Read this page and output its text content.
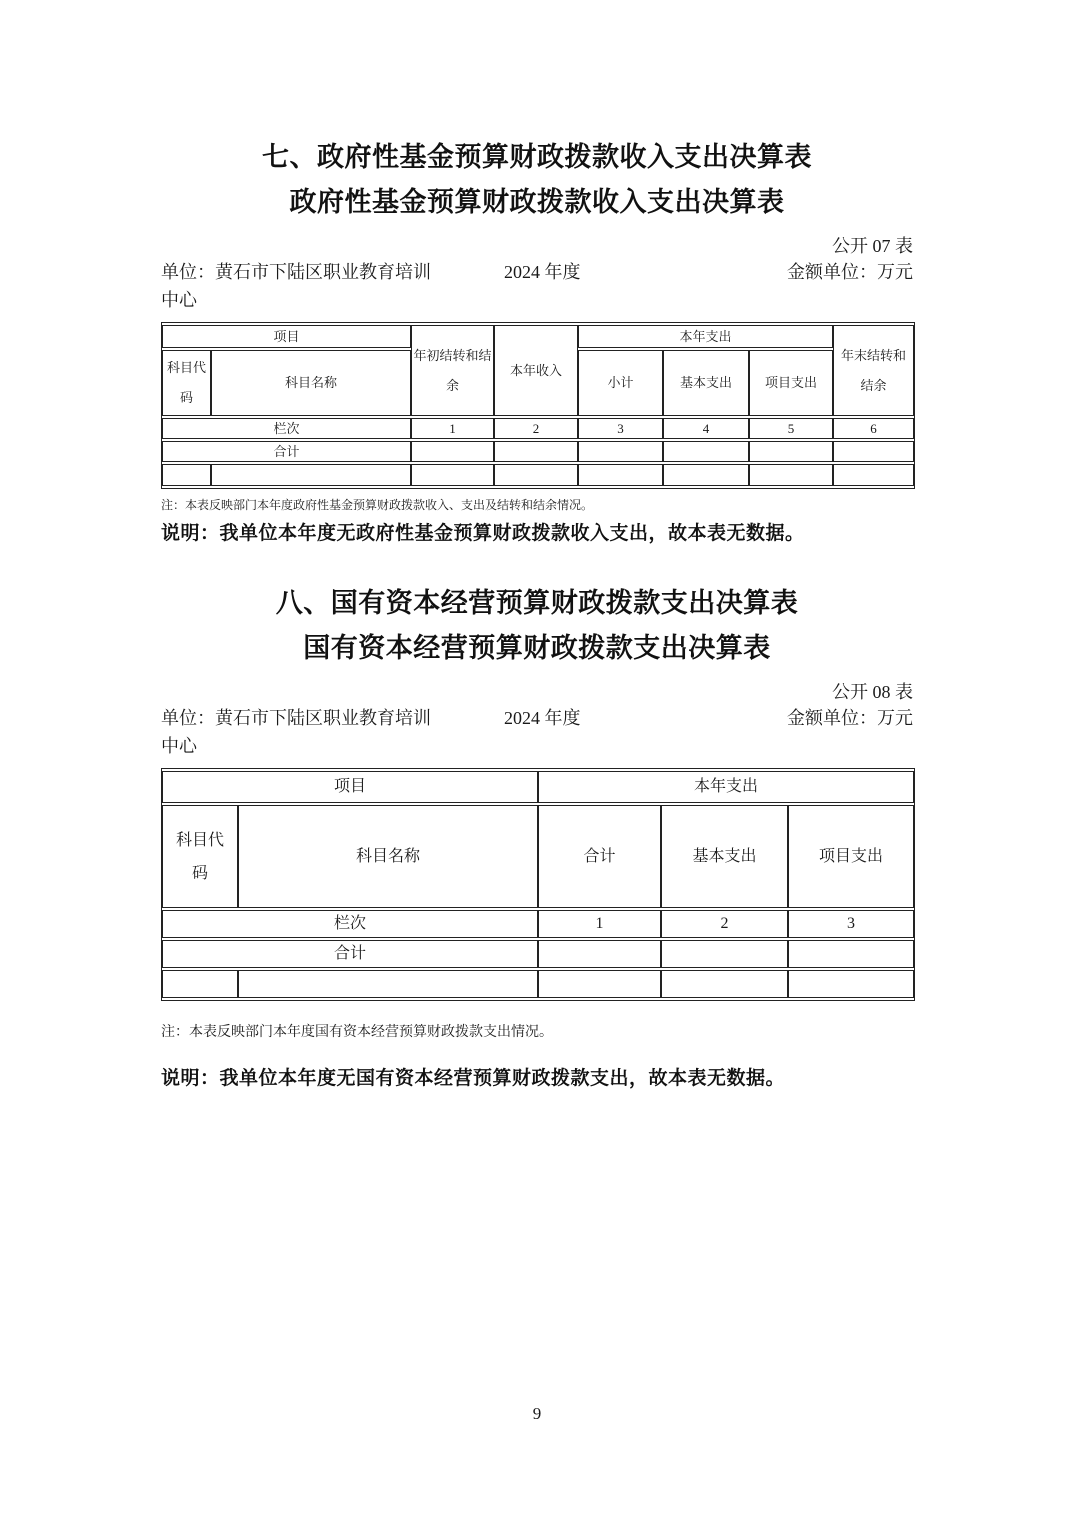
七、政府性基金预算财政拨款收入支出决算表
政府性基金预算财政拨款收入支出决算表
公开 07 表
单位：黄石市下陆区职业教育培训中心
2024 年度	金额单位：万元
项目		年初结转和结余	本年收入	本年支出			年末结转和结余
科目代码	科目名称			小计	基本支出	项目支出	
栏次		1	2	3	4	5	6
合计							

注：本表反映部门本年度政府性基金预算财政拨款收入、支出及结转和结余情况。
说明：我单位本年度无政府性基金预算财政拨款收入支出，故本表无数据。
八、国有资本经营预算财政拨款支出决算表
国有资本经营预算财政拨款支出决算表
公开 08 表
单位：黄石市下陆区职业教育培训中心
2024 年度	金额单位：万元
项目		本年支出		
科目代码	科目名称	合计	基本支出	项目支出
栏次		1	2	3
合计				

注：本表反映部门本年度国有资本经营预算财政拨款支出情况。
说明：我单位本年度无国有资本经营预算财政拨款支出，故本表无数据。
9
